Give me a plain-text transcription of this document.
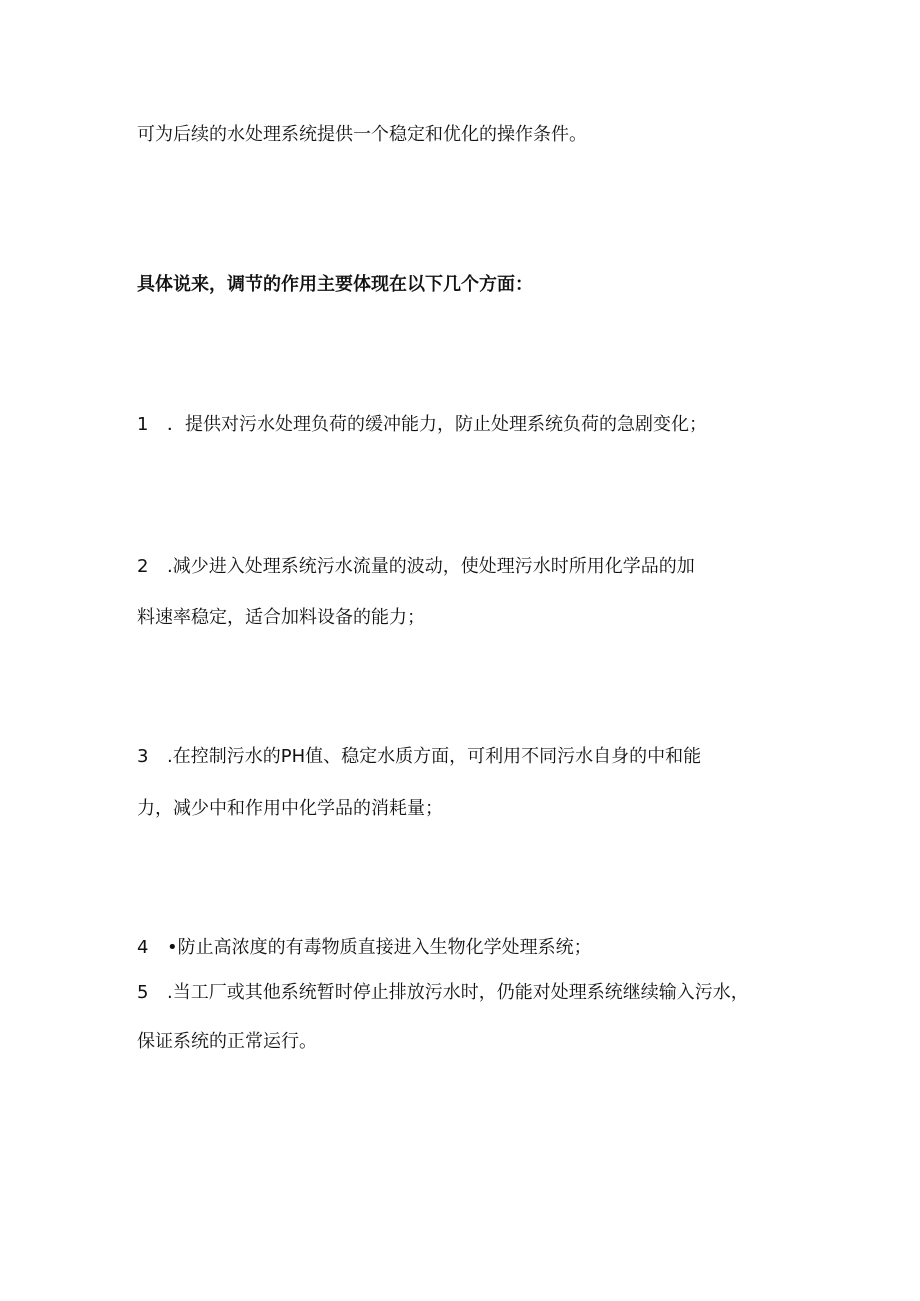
可为后续的水处理系统提供一个稳定和优化的操作条件。
具体说来，调节的作用主要体现在以下几个方面：
1 ．提供对污水处理负荷的缓冲能力，防止处理系统负荷的急剧变化；
2 .减少进入处理系统污水流量的波动，使处理污水时所用化学品的加
料速率稳定，适合加料设备的能力；
3 .在控制污水的PH值、稳定水质方面，可利用不同污水自身的中和能
力，减少中和作用中化学品的消耗量；
4 •防止高浓度的有毒物质直接进入生物化学处理系统；
5 .当工厂或其他系统暂时停止排放污水时，仍能对处理系统继续输入污水，
保证系统的正常运行。
